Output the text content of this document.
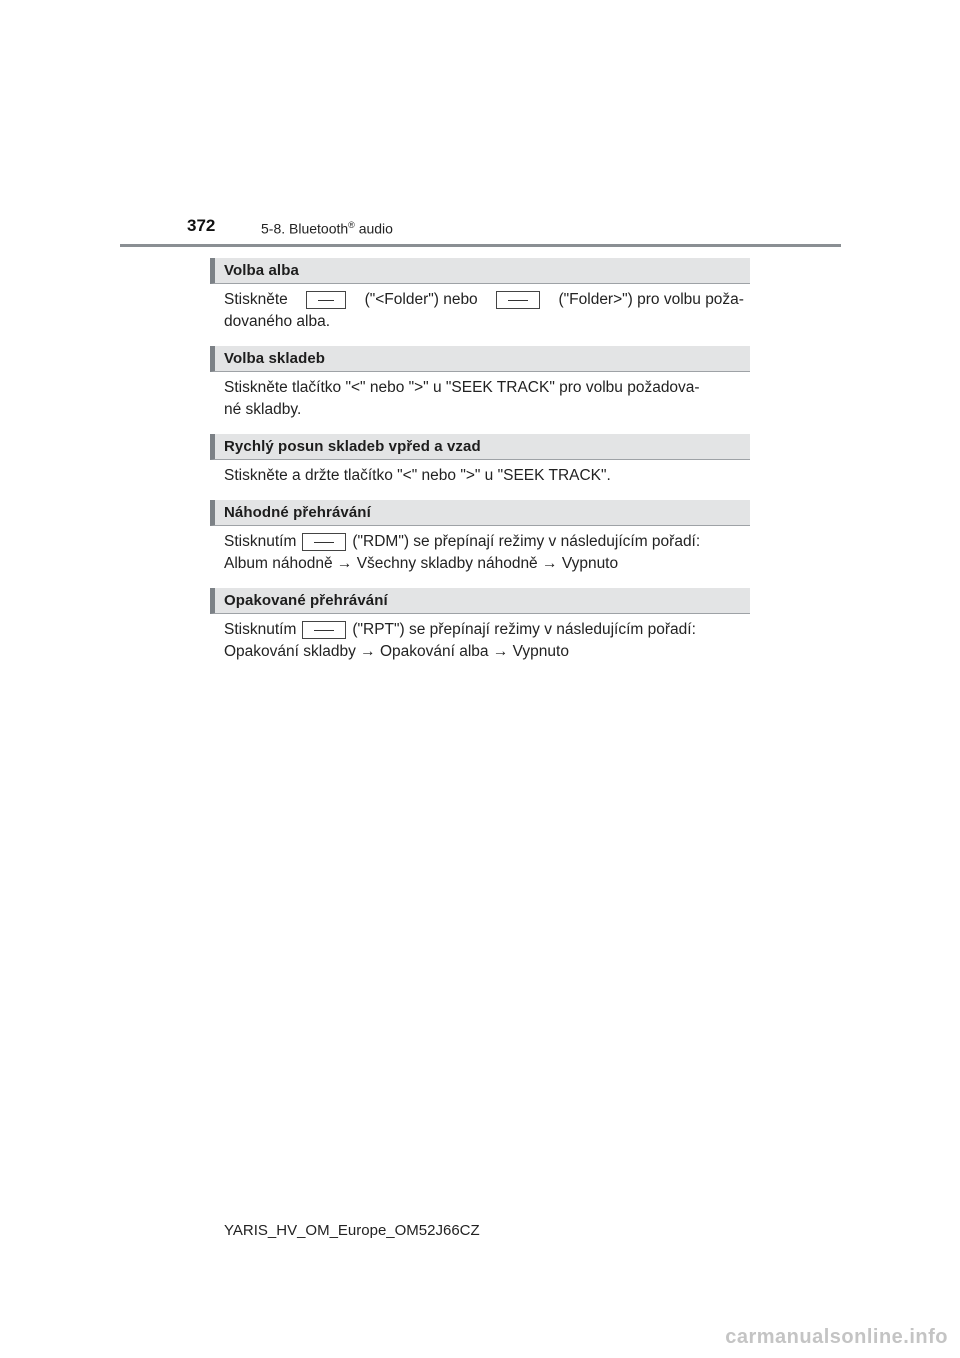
372	5-8. Bluetooth® audio
Volba alba
Stiskněte	("<Folder") nebo	("Folder>") pro volbu poža-
dovaného alba.
Volba skladeb
Stiskněte tlačítko "<" nebo ">" u "SEEK TRACK" pro volbu požadova-
né skladby.
Rychlý posun skladeb vpřed a vzad
Stiskněte a držte tlačítko "<" nebo ">" u "SEEK TRACK".
Náhodné přehrávání
Stisknutím	("RDM") se přepínají režimy v následujícím pořadí:
Album náhodně → Všechny skladby náhodně → Vypnuto
Opakované přehrávání
Stisknutím	("RPT") se přepínají režimy v následujícím pořadí:
Opakování skladby → Opakování alba → Vypnuto
YARIS_HV_OM_Europe_OM52J66CZ
carmanualsonline.info
